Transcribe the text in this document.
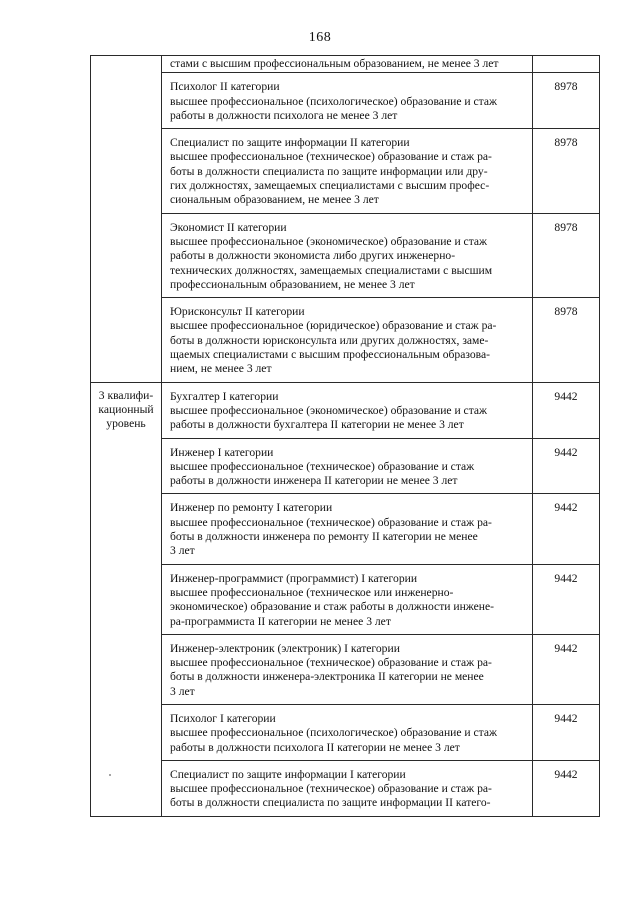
168

	стами с высшим профессиональным образованием, не менее 3 лет	

	Психолог II категории
высшее профессиональное (психологическое) образование и стаж
работы в должности психолога не менее 3 лет	8978

	Специалист по защите информации II категории
высшее профессиональное (техническое) образование и стаж ра-
боты в должности специалиста по защите информации или дру-
гих должностях, замещаемых специалистами с высшим профес-
сиональным образованием, не менее 3 лет	8978

	Экономист II категории
высшее профессиональное (экономическое) образование и стаж
работы в должности экономиста либо других инженерно-
технических должностях, замещаемых специалистами с высшим
профессиональным образованием, не менее 3 лет	8978

	Юрисконсульт II категории
высшее профессиональное (юридическое) образование и стаж ра-
боты в должности юрисконсульта или других должностях, заме-
щаемых специалистами с высшим профессиональным образова-
нием, не менее 3 лет	8978

3 квалифи-
кационный
уровень	Бухгалтер I категории
высшее профессиональное (экономическое) образование и стаж
работы в должности бухгалтера II категории не менее 3 лет	9442

	Инженер I категории
высшее профессиональное (техническое) образование и стаж
работы в должности инженера II категории не менее 3 лет	9442

	Инженер по ремонту I категории
высшее профессиональное (техническое) образование и стаж ра-
боты в должности инженера по ремонту II категории не менее
3 лет	9442

	Инженер-программист (программист) I категории
высшее профессиональное (техническое или инженерно-
экономическое) образование и стаж работы в должности инжене-
ра-программиста II категории не менее 3 лет	9442

	Инженер-электроник (электроник) I категории
высшее профессиональное (техническое) образование и стаж ра-
боты в должности инженера-электроника II категории не менее
3 лет	9442

	Психолог I категории
высшее профессиональное (психологическое) образование и стаж
работы в должности психолога II категории не менее 3 лет	9442

	Специалист по защите информации I категории
высшее профессиональное (техническое) образование и стаж ра-
боты в должности специалиста по защите информации II катего-	9442
